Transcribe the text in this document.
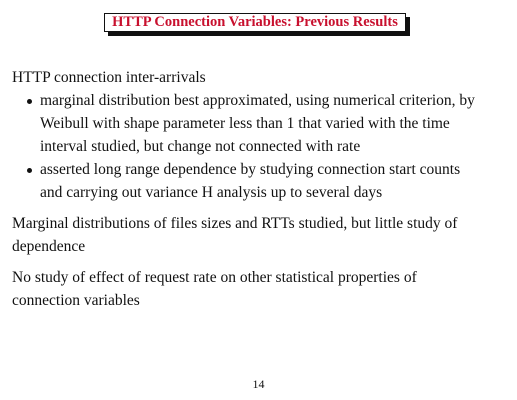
HTTP Connection Variables: Previous Results
HTTP connection inter-arrivals
marginal distribution best approximated, using numerical criterion, by
Weibull with shape parameter less than 1 that varied with the time
interval studied, but change not connected with rate
asserted long range dependence by studying connection start counts
and carrying out variance H analysis up to several days
Marginal distributions of files sizes and RTTs studied, but little study of
dependence
No study of effect of request rate on other statistical properties of
connection variables
14
